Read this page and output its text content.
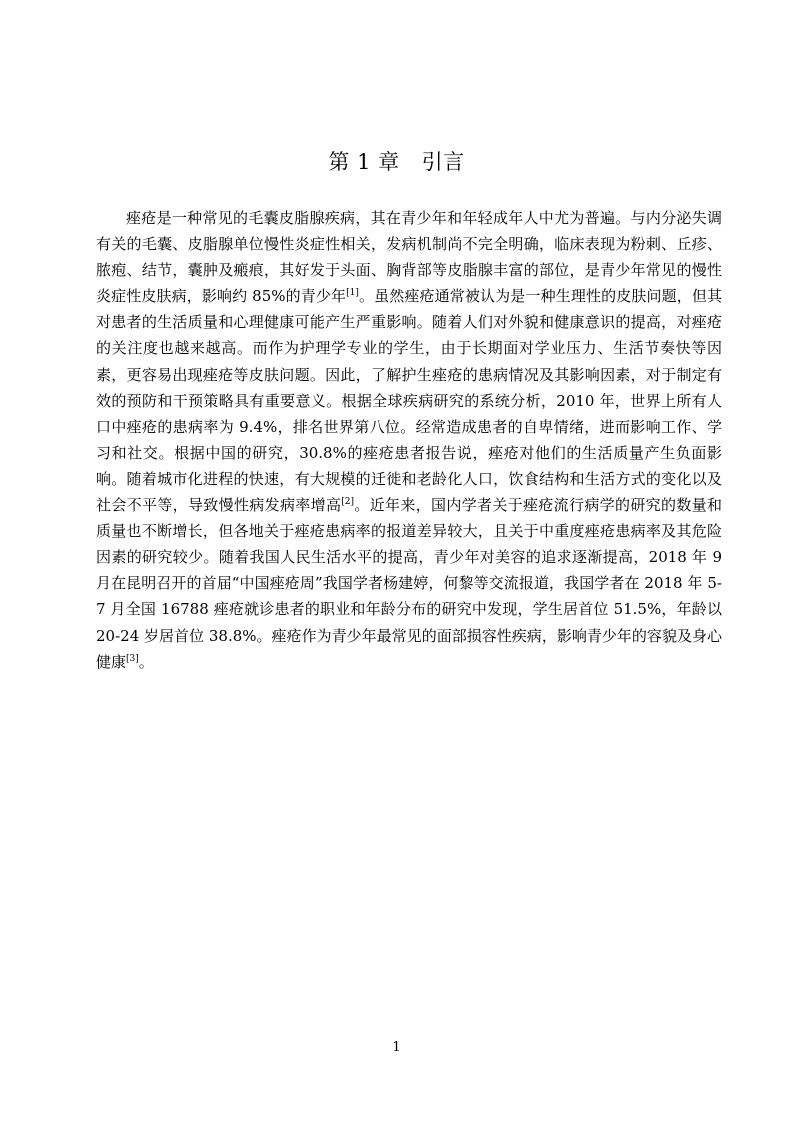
第 1 章 引言

痤疮是一种常见的毛囊皮脂腺疾病，其在青少年和年轻成年人中尤为普遍。与内分泌失调有关的毛囊、皮脂腺单位慢性炎症性相关，发病机制尚不完全明确，临床表现为粉刺、丘疹、脓疱、结节，囊肿及瘢痕，其好发于头面、胸背部等皮脂腺丰富的部位，是青少年常见的慢性炎症性皮肤病，影响约 85%的青少年[1]。虽然痤疮通常被认为是一种生理性的皮肤问题，但其对患者的生活质量和心理健康可能产生严重影响。随着人们对外貌和健康意识的提高，对痤疮的关注度也越来越高。而作为护理学专业的学生，由于长期面对学业压力、生活节奏快等因素，更容易出现痤疮等皮肤问题。因此，了解护生痤疮的患病情况及其影响因素，对于制定有效的预防和干预策略具有重要意义。根据全球疾病研究的系统分析，2010 年，世界上所有人口中痤疮的患病率为 9.4%，排名世界第八位。经常造成患者的自卑情绪，进而影响工作、学习和社交。根据中国的研究，30.8%的痤疮患者报告说，痤疮对他们的生活质量产生负面影响。随着城市化进程的快速，有大规模的迁徙和老龄化人口，饮食结构和生活方式的变化以及社会不平等，导致慢性病发病率增高[2]。近年来，国内学者关于痤疮流行病学的研究的数量和质量也不断增长，但各地关于痤疮患病率的报道差异较大，且关于中重度痤疮患病率及其危险因素的研究较少。随着我国人民生活水平的提高，青少年对美容的追求逐渐提高，2018 年 9 月在昆明召开的首届“中国痤疮周”我国学者杨建婷，何黎等交流报道，我国学者在 2018 年 5-7 月全国 16788 痤疮就诊患者的职业和年龄分布的研究中发现，学生居首位 51.5%，年龄以 20-24 岁居首位 38.8%。痤疮作为青少年最常见的面部损容性疾病，影响青少年的容貌及身心健康[3]。

1
